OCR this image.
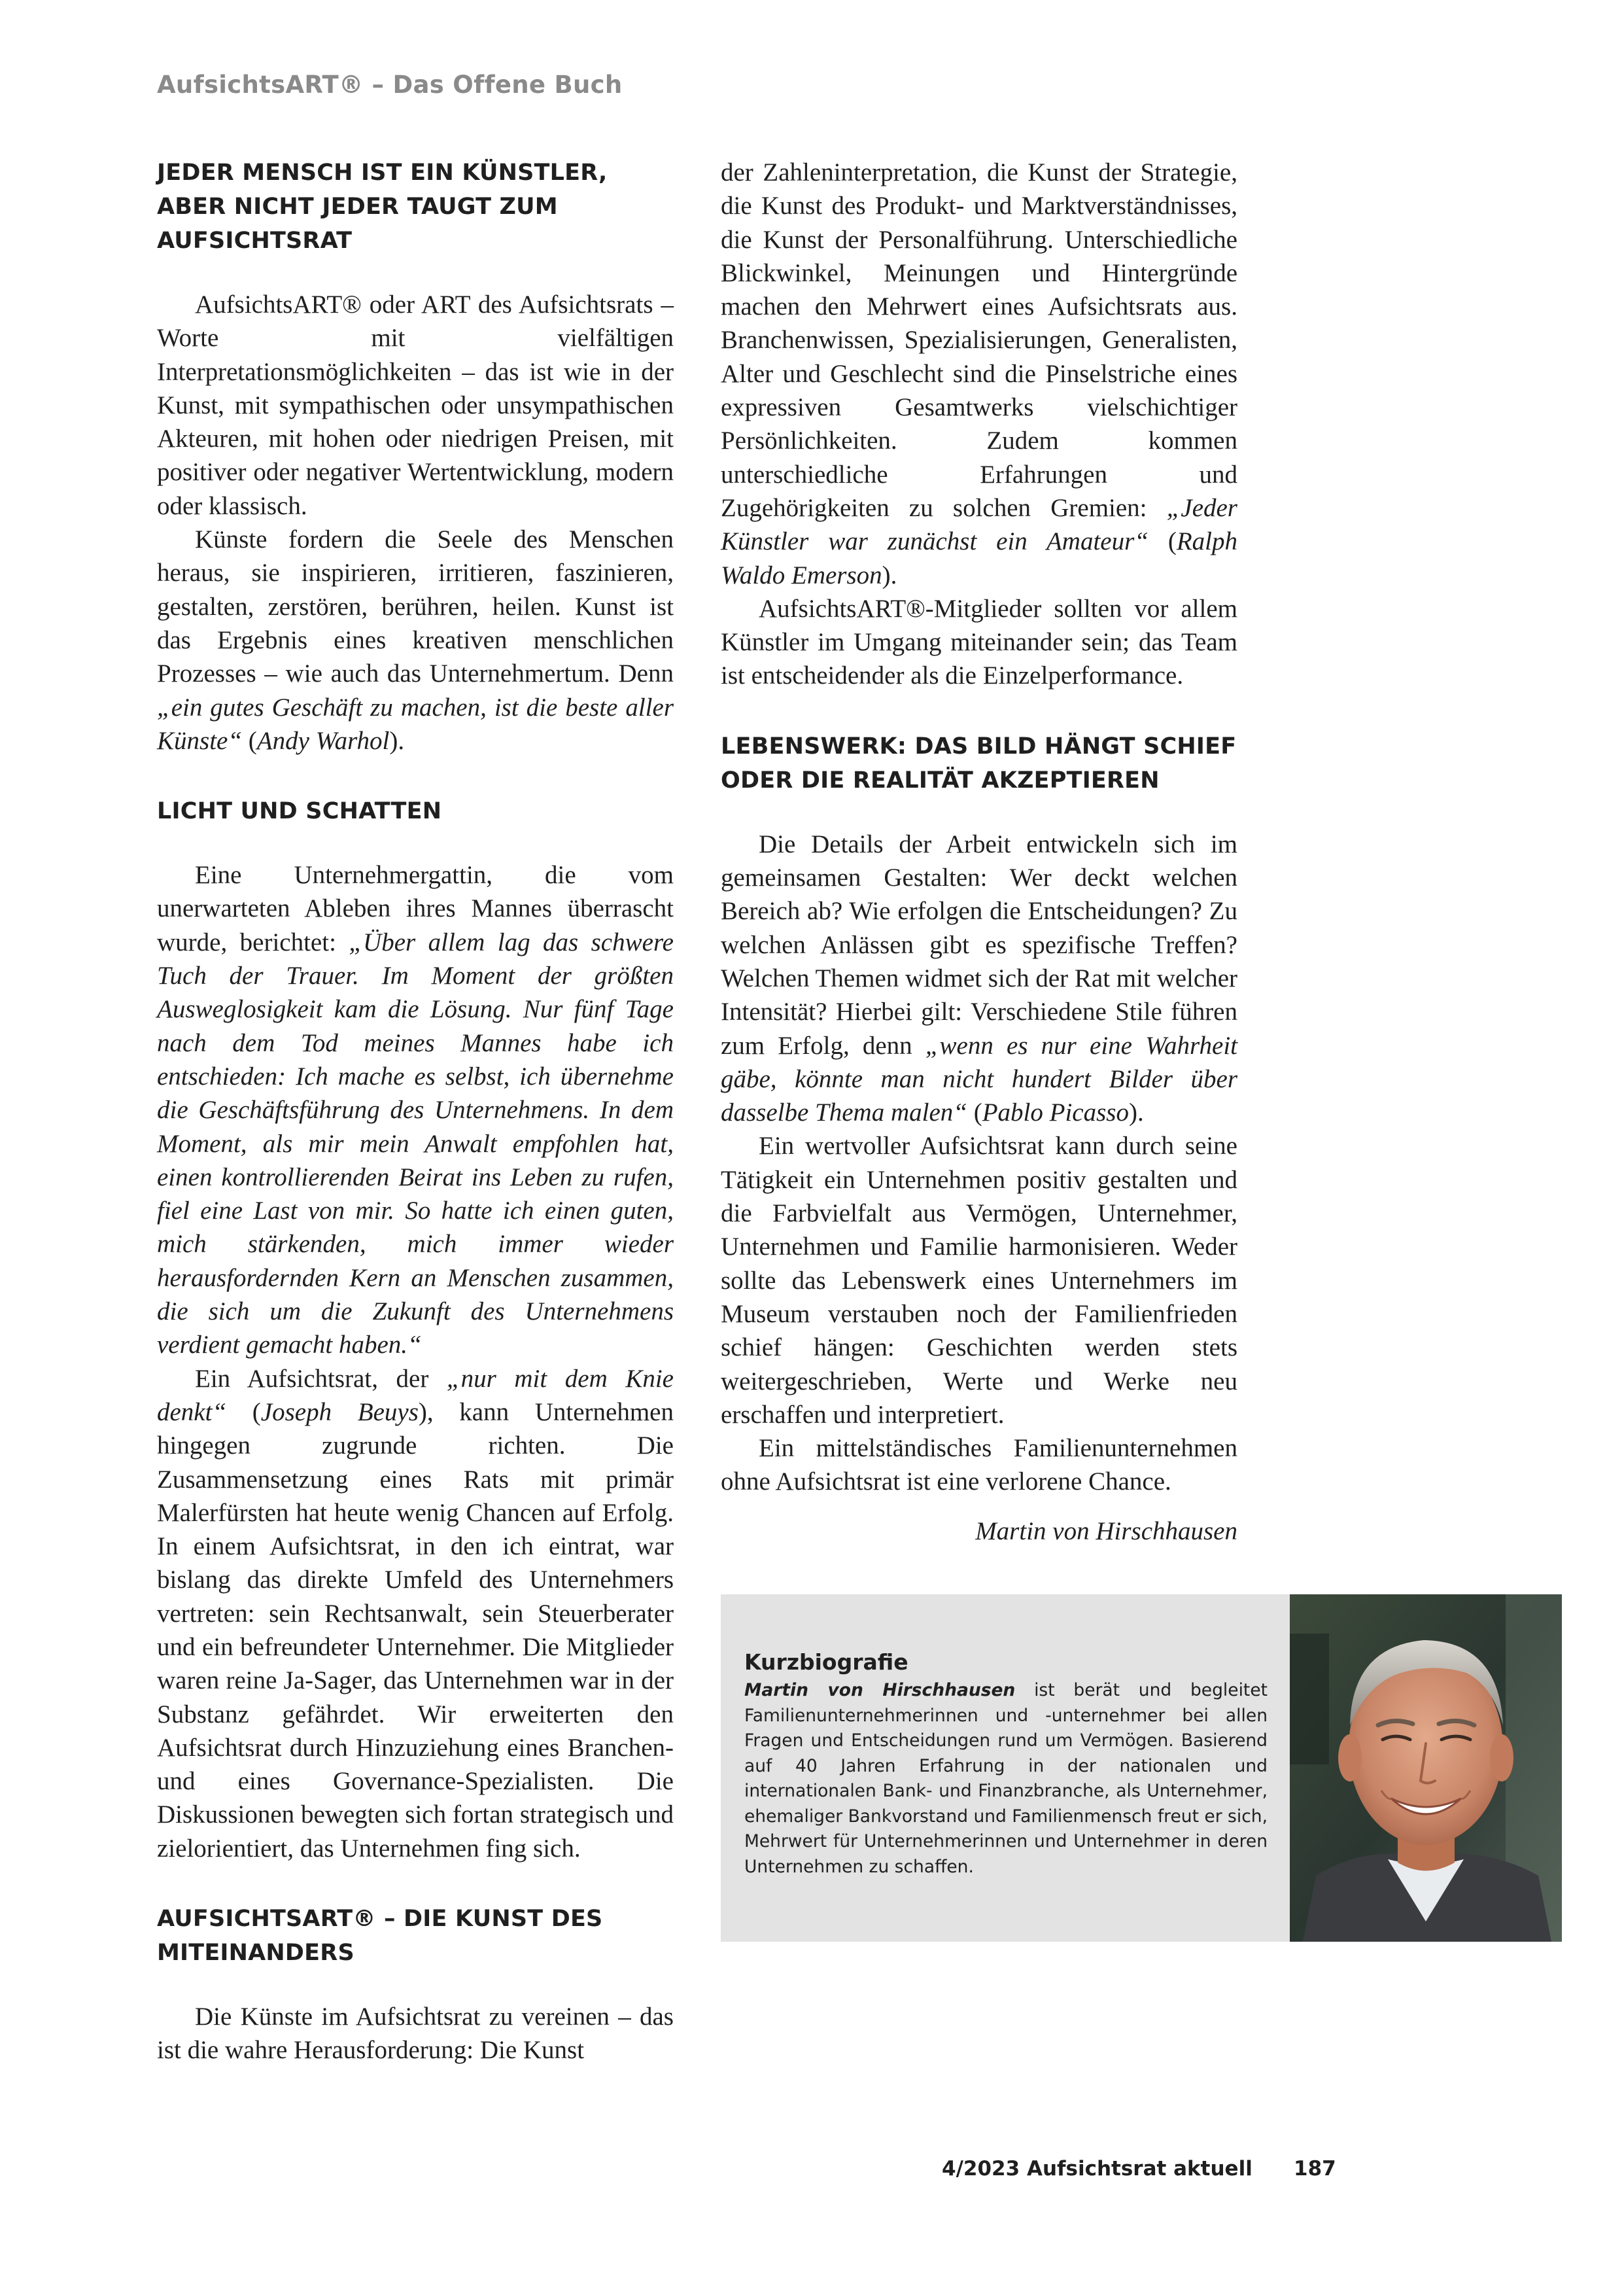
AufsichtsART® – Das Offene Buch
JEDER MENSCH IST EIN KÜNSTLER, ABER NICHT JEDER TAUGT ZUM AUFSICHTSRAT

AufsichtsART® oder ART des Aufsichtsrats – Worte mit vielfältigen Interpretationsmöglichkeiten – das ist wie in der Kunst, mit sympathischen oder unsympathischen Akteuren, mit hohen oder niedrigen Preisen, mit positiver oder negativer Wertentwicklung, modern oder klassisch.

Künste fordern die Seele des Menschen heraus, sie inspirieren, irritieren, faszinieren, gestalten, zerstören, berühren, heilen. Kunst ist das Ergebnis eines kreativen menschlichen Prozesses – wie auch das Unternehmertum. Denn „ein gutes Geschäft zu machen, ist die beste aller Künste“ (Andy Warhol).

LICHT UND SCHATTEN

Eine Unternehmergattin, die vom unerwarteten Ableben ihres Mannes überrascht wurde, berichtet: „Über allem lag das schwere Tuch der Trauer. Im Moment der größten Ausweglosigkeit kam die Lösung. Nur fünf Tage nach dem Tod meines Mannes habe ich entschieden: Ich mache es selbst, ich übernehme die Geschäftsführung des Unternehmens. In dem Moment, als mir mein Anwalt empfohlen hat, einen kontrollierenden Beirat ins Leben zu rufen, fiel eine Last von mir. So hatte ich einen guten, mich stärkenden, mich immer wieder herausfordernden Kern an Menschen zusammen, die sich um die Zukunft des Unternehmens verdient gemacht haben.“

Ein Aufsichtsrat, der „nur mit dem Knie denkt“ (Joseph Beuys), kann Unternehmen hingegen zugrunde richten. Die Zusammensetzung eines Rats mit primär Malerfürsten hat heute wenig Chancen auf Erfolg. In einem Aufsichtsrat, in den ich eintrat, war bislang das direkte Umfeld des Unternehmers vertreten: sein Rechtsanwalt, sein Steuerberater und ein befreundeter Unternehmer. Die Mitglieder waren reine Ja-Sager, das Unternehmen war in der Substanz gefährdet. Wir erweiterten den Aufsichtsrat durch Hinzuziehung eines Branchen- und eines Governance-Spezialisten. Die Diskussionen bewegten sich fortan strategisch und zielorientiert, das Unternehmen fing sich.

AUFSICHTSART® – DIE KUNST DES MITEINANDERS

Die Künste im Aufsichtsrat zu vereinen – das ist die wahre Herausforderung: Die Kunst

der Zahleninterpretation, die Kunst der Strategie, die Kunst des Produkt- und Marktverständnisses, die Kunst der Personalführung. Unterschiedliche Blickwinkel, Meinungen und Hintergründe machen den Mehrwert eines Aufsichtsrats aus. Branchenwissen, Spezialisierungen, Generalisten, Alter und Geschlecht sind die Pinselstriche eines expressiven Gesamtwerks vielschichtiger Persönlichkeiten. Zudem kommen unterschiedliche Erfahrungen und Zugehörigkeiten zu solchen Gremien: „Jeder Künstler war zunächst ein Amateur“ (Ralph Waldo Emerson).

AufsichtsART®-Mitglieder sollten vor allem Künstler im Umgang miteinander sein; das Team ist entscheidender als die Einzelperformance.

LEBENSWERK: DAS BILD HÄNGT SCHIEF ODER DIE REALITÄT AKZEPTIEREN

Die Details der Arbeit entwickeln sich im gemeinsamen Gestalten: Wer deckt welchen Bereich ab? Wie erfolgen die Entscheidungen? Zu welchen Anlässen gibt es spezifische Treffen? Welchen Themen widmet sich der Rat mit welcher Intensität? Hierbei gilt: Verschiedene Stile führen zum Erfolg, denn „wenn es nur eine Wahrheit gäbe, könnte man nicht hundert Bilder über dasselbe Thema malen“ (Pablo Picasso).

Ein wertvoller Aufsichtsrat kann durch seine Tätigkeit ein Unternehmen positiv gestalten und die Farbvielfalt aus Vermögen, Unternehmer, Unternehmen und Familie harmonisieren. Weder sollte das Lebenswerk eines Unternehmers im Museum verstauben noch der Familienfrieden schief hängen: Geschichten werden stets weitergeschrieben, Werte und Werke neu erschaffen und interpretiert.

Ein mittelständisches Familienunternehmen ohne Aufsichtsrat ist eine verlorene Chance.

Martin von Hirschhausen
Kurzbiografie
Martin von Hirschhausen ist berät und begleitet Familienunternehmerinnen und -unternehmer bei allen Fragen und Entscheidungen rund um Vermögen. Basierend auf 40 Jahren Erfahrung in der nationalen und internationalen Bank- und Finanzbranche, als Unternehmer, ehemaliger Bankvorstand und Familienmensch freut er sich, Mehrwert für Unternehmerinnen und Unternehmer in deren Unternehmen zu schaffen.
4/2023 Aufsichtsrat aktuell 187
